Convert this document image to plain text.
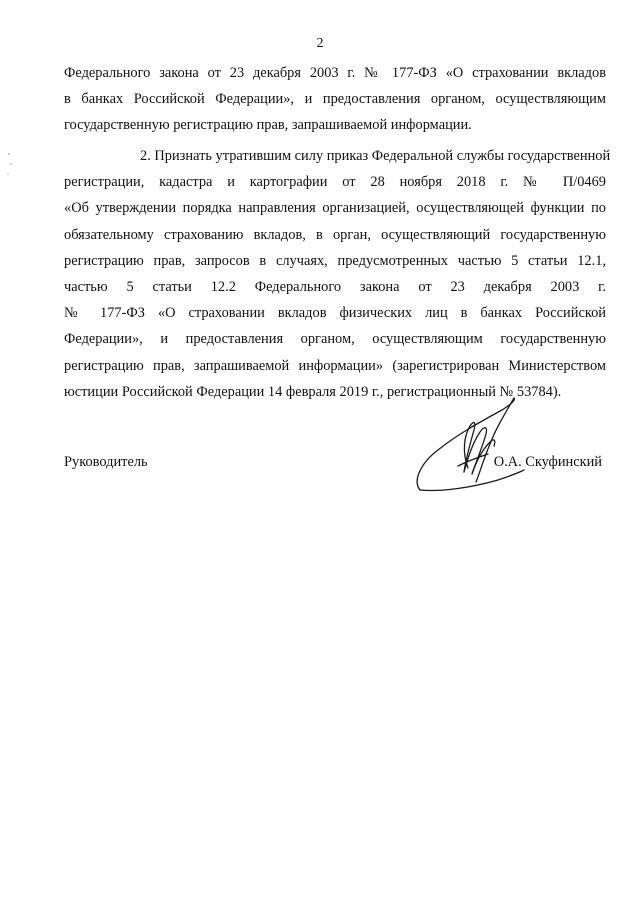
2
Федерального закона от 23 декабря 2003 г. № 177-ФЗ «О страховании вкладов
в банках Российской Федерации», и предоставления органом, осуществляющим
государственную регистрацию прав, запрашиваемой информации.
2. Признать утратившим силу приказ Федеральной службы государственной
регистрации, кадастра и картографии от 28 ноября 2018 г. № П/0469
«Об утверждении порядка направления организацией, осуществляющей функции по
обязательному страхованию вкладов, в орган, осуществляющий государственную
регистрацию прав, запросов в случаях, предусмотренных частью 5 статьи 12.1,
частью 5 статьи 12.2 Федерального закона от 23 декабря 2003 г.
№ 177-ФЗ «О страховании вкладов физических лиц в банках Российской
Федерации», и предоставления органом, осуществляющим государственную
регистрацию прав, запрашиваемой информации» (зарегистрирован Министерством
юстиции Российской Федерации 14 февраля 2019 г., регистрационный № 53784).
Руководитель	О.А. Скуфинский
